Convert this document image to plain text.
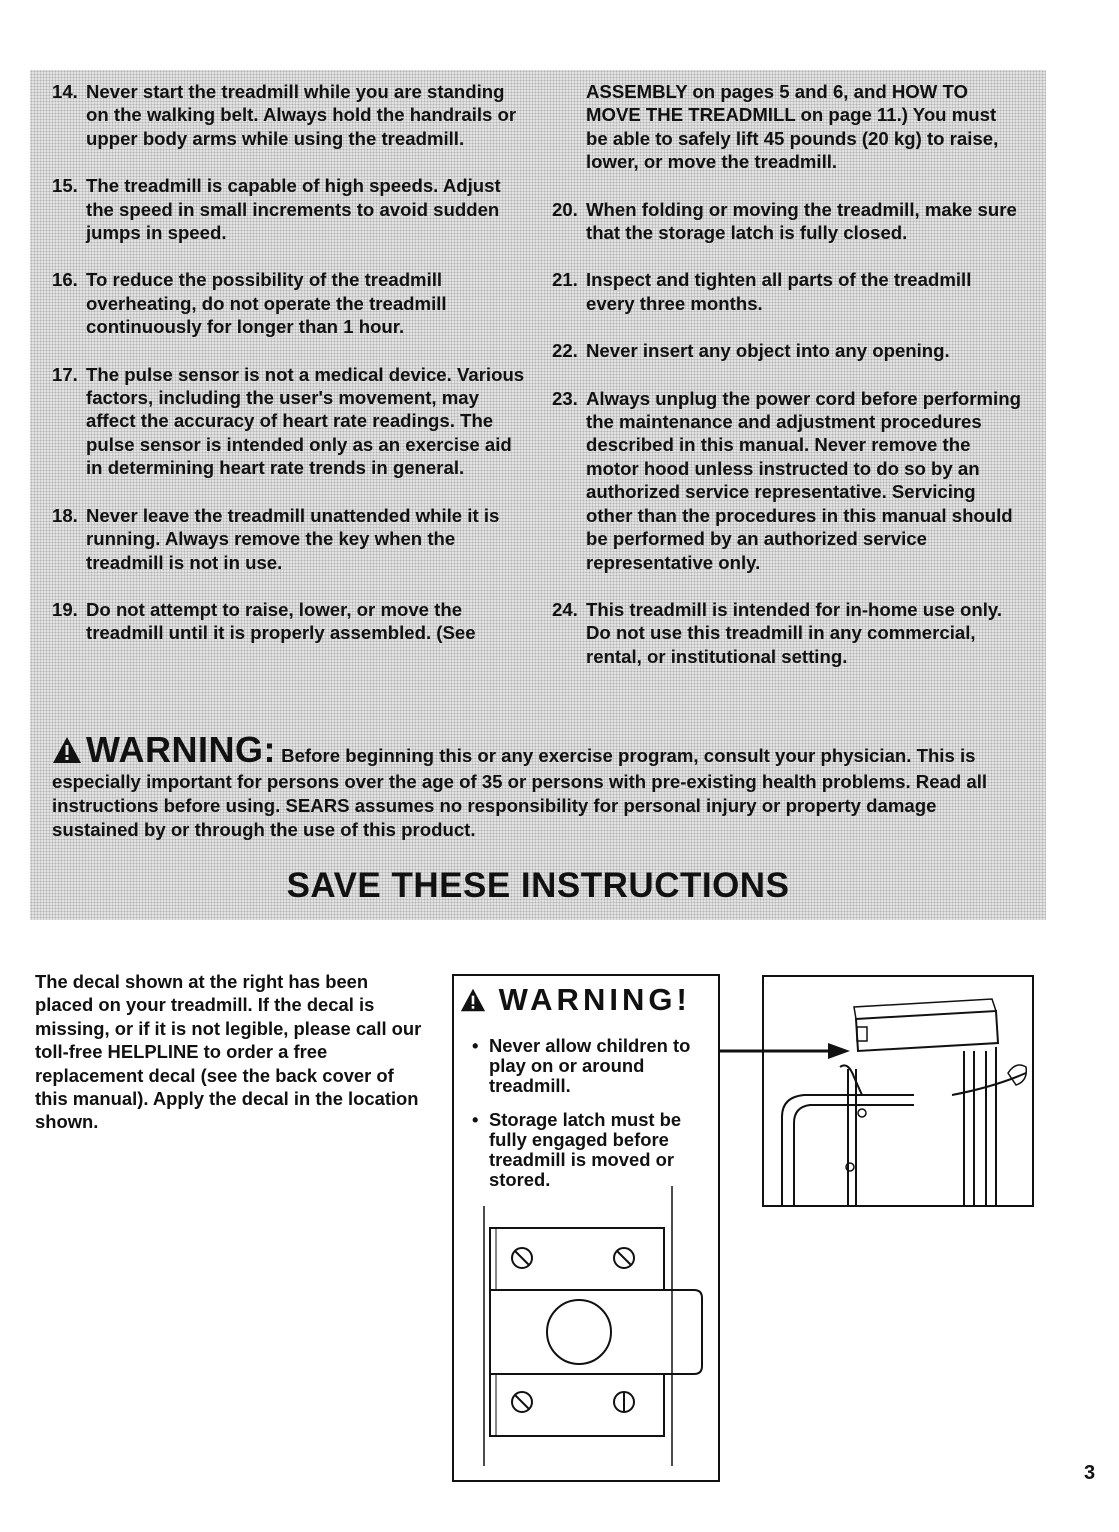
14. Never start the treadmill while you are standing on the walking belt. Always hold the handrails or upper body arms while using the treadmill.
15. The treadmill is capable of high speeds. Adjust the speed in small increments to avoid sudden jumps in speed.
16. To reduce the possibility of the treadmill overheating, do not operate the treadmill continuously for longer than 1 hour.
17. The pulse sensor is not a medical device. Various factors, including the user's movement, may affect the accuracy of heart rate readings. The pulse sensor is intended only as an exercise aid in determining heart rate trends in general.
18. Never leave the treadmill unattended while it is running. Always remove the key when the treadmill is not in use.
19. Do not attempt to raise, lower, or move the treadmill until it is properly assembled. (See
ASSEMBLY on pages 5 and 6, and HOW TO MOVE THE TREADMILL on page 11.) You must be able to safely lift 45 pounds (20 kg) to raise, lower, or move the treadmill.
20. When folding or moving the treadmill, make sure that the storage latch is fully closed.
21. Inspect and tighten all parts of the treadmill every three months.
22. Never insert any object into any opening.
23. Always unplug the power cord before performing the maintenance and adjustment procedures described in this manual. Never remove the motor hood unless instructed to do so by an authorized service representative. Servicing other than the procedures in this manual should be performed by an authorized service representative only.
24. This treadmill is intended for in-home use only. Do not use this treadmill in any commercial, rental, or institutional setting.
WARNING: Before beginning this or any exercise program, consult your physician. This is especially important for persons over the age of 35 or persons with pre-existing health problems. Read all instructions before using. SEARS assumes no responsibility for personal injury or property damage sustained by or through the use of this product.
SAVE THESE INSTRUCTIONS
The decal shown at the right has been placed on your treadmill. If the decal is missing, or if it is not legible, please call our toll-free HELPLINE to order a free replacement decal (see the back cover of this manual). Apply the decal in the location shown.
WARNING!
• Never allow children to play on or around treadmill.
• Storage latch must be fully engaged before treadmill is moved or stored.
3
